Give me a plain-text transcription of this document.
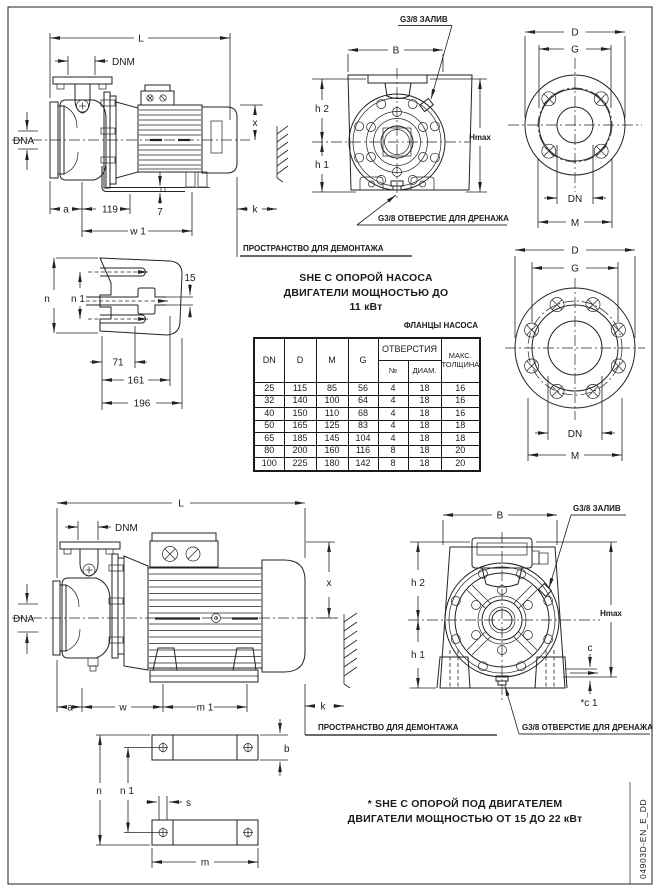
L
DNM
DNA
x
a	119	7
w 1
k
B
h 2
h 1
Hmax
G3/8 ЗАЛИВ
G3/8 ОТВЕРСТИЕ ДЛЯ ДРЕНАЖА
D
G
DN
M
D
G
DN
M
n n 1
15
71
161
196
ПРОСТРАНСТВО ДЛЯ ДЕМОНТАЖА
SHE С ОПОРОЙ НАСОСА
ДВИГАТЕЛИ МОЩНОСТЬЮ ДО
11 кВт
L
DNM
DNA
x
a	w	m 1	k
B
h 2
h 1
Hmax
c
*c 1
G3/8 ЗАЛИВ
G3/8 ОТВЕРСТИЕ ДЛЯ ДРЕНАЖА
ПРОСТРАНСТВО ДЛЯ ДЕМОНТАЖА
* SHE С ОПОРОЙ ПОД ДВИГАТЕЛЕМ
ДВИГАТЕЛИ МОЩНОСТЬЮ ОТ 15 ДО 22 кВт
b
n n 1
s
m	04903D-EN_E_DD
ФЛАНЦЫ НАСОСА
DN	D	M	G	ОТВЕРСТИЯ		МАКС.
ТОЛЩИНА

				№	ДИАМ.	
25	115	85	56	4	18	16
32	140	100	64	4	18	16
40	150	110	68	4	18	16
50	165	125	83	4	18	18
65	185	145	104	4	18	18
80	200	160	116	8	18	20
100	225	180	142	8	18	20
